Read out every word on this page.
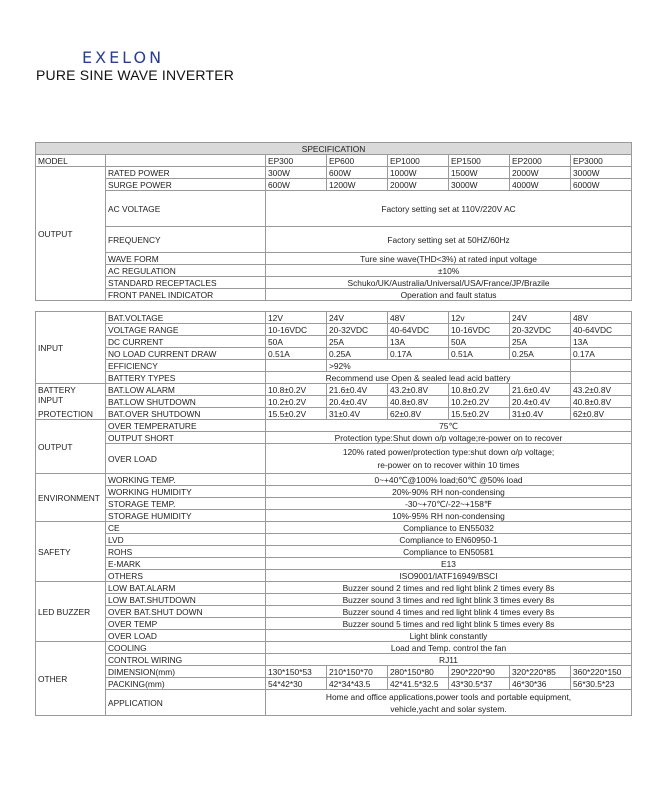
EXELON
PURE SINE WAVE INVERTER
SPECIFICATION							
MODEL		EP300	EP600	EP1000	EP1500	EP2000	EP3000
OUTPUT	RATED POWER	300W	600W	1000W	1500W	2000W	3000W
	SURGE POWER	600W	1200W	2000W	3000W	4000W	6000W
	AC VOLTAGE	Factory setting set at 110V/220V AC					
	FREQUENCY	Factory setting set at 50HZ/60Hz					
	WAVE FORM	Ture sine wave(THD<3%) at rated input voltage					
	AC REGULATION	±10%					
	STANDARD RECEPTACLES	Schuko/UK/Australia/Universal/USA/France/JP/Brazile					
	FRONT PANEL INDICATOR	Operation and fault status					
INPUT	BAT.VOLTAGE	12V	24V	48V	12v	24V	48V
	VOLTAGE RANGE	10-16VDC	20-32VDC	40-64VDC	10-16VDC	20-32VDC	40-64VDC
	DC CURRENT	50A	25A	13A	50A	25A	13A
	NO LOAD CURRENT DRAW	0.51A	0.25A	0.17A	0.51A	0.25A	0.17A
	EFFICIENCY		>92%				
	BATTERY TYPES	Recommend use Open & sealed lead acid battery					

BATTERY INPUT
PROTECTION	BAT.LOW ALARM	10.8±0.2V	21.6±0.4V	43.2±0.8V	10.8±0.2V	21.6±0.4V	43.2±0.8V
	BAT.LOW SHUTDOWN	10.2±0.2V	20.4±0.4V	40.8±0.8V	10.2±0.2V	20.4±0.4V	40.8±0.8V
	BAT.OVER SHUTDOWN	15.5±0.2V	31±0.4V	62±0.8V	15.5±0.2V	31±0.4V	62±0.8V
OUTPUT	OVER TEMPERATURE	75℃					
	OUTPUT SHORT	Protection type:Shut down o/p voltage;re-power on to recover					
	OVER LOAD	120% rated power/protection type:shut down o/p voltage;
re-power on to recover within 10 times					

ENVIRONMENT	WORKING TEMP.	0~+40℃@100% load;60℃ @50% load					
	WORKING HUMIDITY	20%-90% RH non-condensing					
	STORAGE TEMP.	-30~+70℃/-22~+158℉					
	STORAGE HUMIDITY	10%-95% RH non-condensing					
SAFETY	CE	Compliance to EN55032					
	LVD	Compliance to EN60950-1					
	ROHS	Compliance to EN50581					
	E-MARK	E13					
	OTHERS	ISO9001/IATF16949/BSCI					
LED BUZZER	LOW BAT.ALARM	Buzzer sound 2 times and red light blink 2 times every 8s					
	LOW BAT.SHUTDOWN	Buzzer sound 3 times and red light blink 3 times every 8s					
	OVER BAT.SHUT DOWN	Buzzer sound 4 times and red light blink 4 times every 8s					
	OVER TEMP	Buzzer sound 5 times and red light blink 5 times every 8s					
	OVER LOAD	Light blink constantly					
OTHER	COOLING	Load and Temp. control the fan					
	CONTROL WIRING	RJ11					
	DIMENSION(mm)	130*150*53	210*150*70	280*150*80	290*220*90	320*220*85	360*220*150
	PACKING(mm)	54*42*30	42*34*43.5	42*41.5*32.5	43*30.5*37	46*30*36	56*30.5*23
	APPLICATION	Home and office applications,power tools and portable equipment,
vehicle,yacht and solar system.					
